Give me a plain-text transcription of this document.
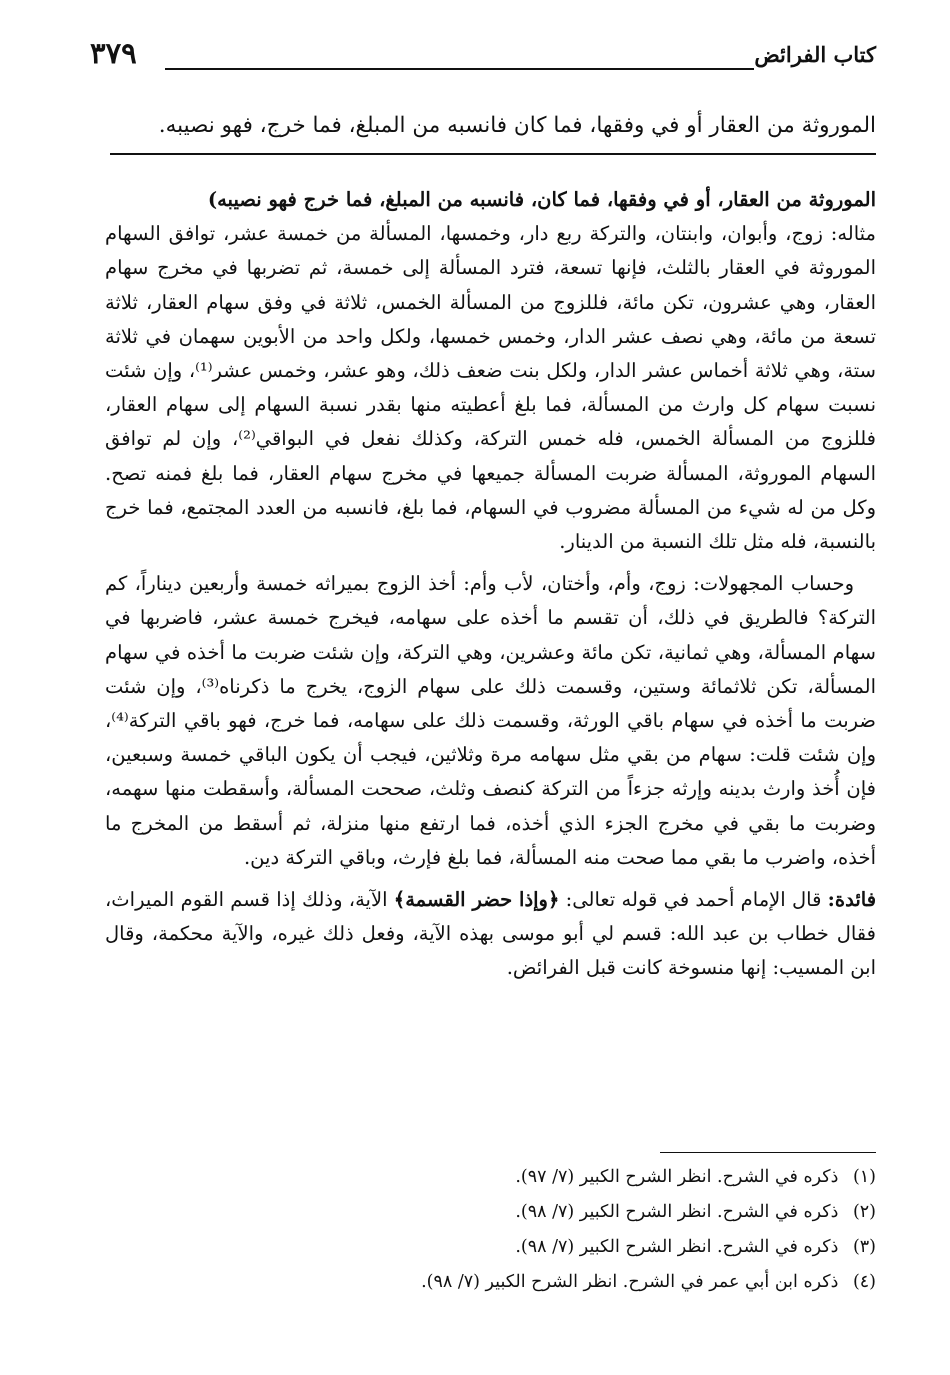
كتاب الفرائض
٣٧٩

الموروثة من العقار أو في وفقها، فما كان فانسبه من المبلغ، فما خرج، فهو نصيبه.

الموروثة من العقار، أو في وفقها، فما كان، فانسبه من المبلغ، فما خرج فهو نصيبه)

مثاله: زوج، وأبوان، وابنتان، والتركة ربع دار، وخمسها، المسألة من خمسة عشر، توافق السهام الموروثة في العقار بالثلث، فإنها تسعة، فترد المسألة إلى خمسة، ثم تضربها في مخرج سهام العقار، وهي عشرون، تكن مائة، فللزوج من المسألة الخمس، ثلاثة في وفق سهام العقار، ثلاثة تسعة من مائة، وهي نصف عشر الدار، وخمس خمسها، ولكل واحد من الأبوين سهمان في ثلاثة ستة، وهي ثلاثة أخماس عشر الدار، ولكل بنت ضعف ذلك، وهو عشر، وخمس عشر⁽¹⁾، وإن شئت نسبت سهام كل وارث من المسألة، فما بلغ أعطيته منها بقدر نسبة السهام إلى سهام العقار، فللزوج من المسألة الخمس، فله خمس التركة، وكذلك نفعل في البواقي⁽²⁾، وإن لم توافق السهام الموروثة، المسألة ضربت المسألة جميعها في مخرج سهام العقار، فما بلغ فمنه تصح. وكل من له شيء من المسألة مضروب في السهام، فما بلغ، فانسبه من العدد المجتمع، فما خرج بالنسبة، فله مثل تلك النسبة من الدينار.

وحساب المجهولات: زوج، وأم، وأختان، لأب وأم: أخذ الزوج بميراثه خمسة وأربعين ديناراً، كم التركة؟ فالطريق في ذلك، أن تقسم ما أخذه على سهامه، فيخرج خمسة عشر، فاضربها في سهام المسألة، وهي ثمانية، تكن مائة وعشرين، وهي التركة، وإن شئت ضربت ما أخذه في سهام المسألة، تكن ثلاثمائة وستين، وقسمت ذلك على سهام الزوج، يخرج ما ذكرناه⁽³⁾، وإن شئت ضربت ما أخذه في سهام باقي الورثة، وقسمت ذلك على سهامه، فما خرج، فهو باقي التركة⁽⁴⁾، وإن شئت قلت: سهام من بقي مثل سهامه مرة وثلاثين، فيجب أن يكون الباقي خمسة وسبعين، فإن أُخذ وارث بدينه وإرثه جزءاً من التركة كنصف وثلث، صححت المسألة، وأسقطت منها سهمه، وضربت ما بقي في مخرج الجزء الذي أخذه، فما ارتفع منها منزلة، ثم أسقط من المخرج ما أخذه، واضرب ما بقي مما صحت منه المسألة، فما بلغ فإرث، وباقي التركة دين.

فائدة: قال الإمام أحمد في قوله تعالى: ﴿وإذا حضر القسمة﴾ الآية، وذلك إذا قسم القوم الميراث، فقال خطاب بن عبد الله: قسم لي أبو موسى بهذه الآية، وفعل ذلك غيره، والآية محكمة، وقال ابن المسيب: إنها منسوخة كانت قبل الفرائض.

(١) ذكره في الشرح. انظر الشرح الكبير (٧/ ٩٧).
(٢) ذكره في الشرح. انظر الشرح الكبير (٧/ ٩٨).
(٣) ذكره في الشرح. انظر الشرح الكبير (٧/ ٩٨).
(٤) ذكره ابن أبي عمر في الشرح. انظر الشرح الكبير (٧/ ٩٨).
